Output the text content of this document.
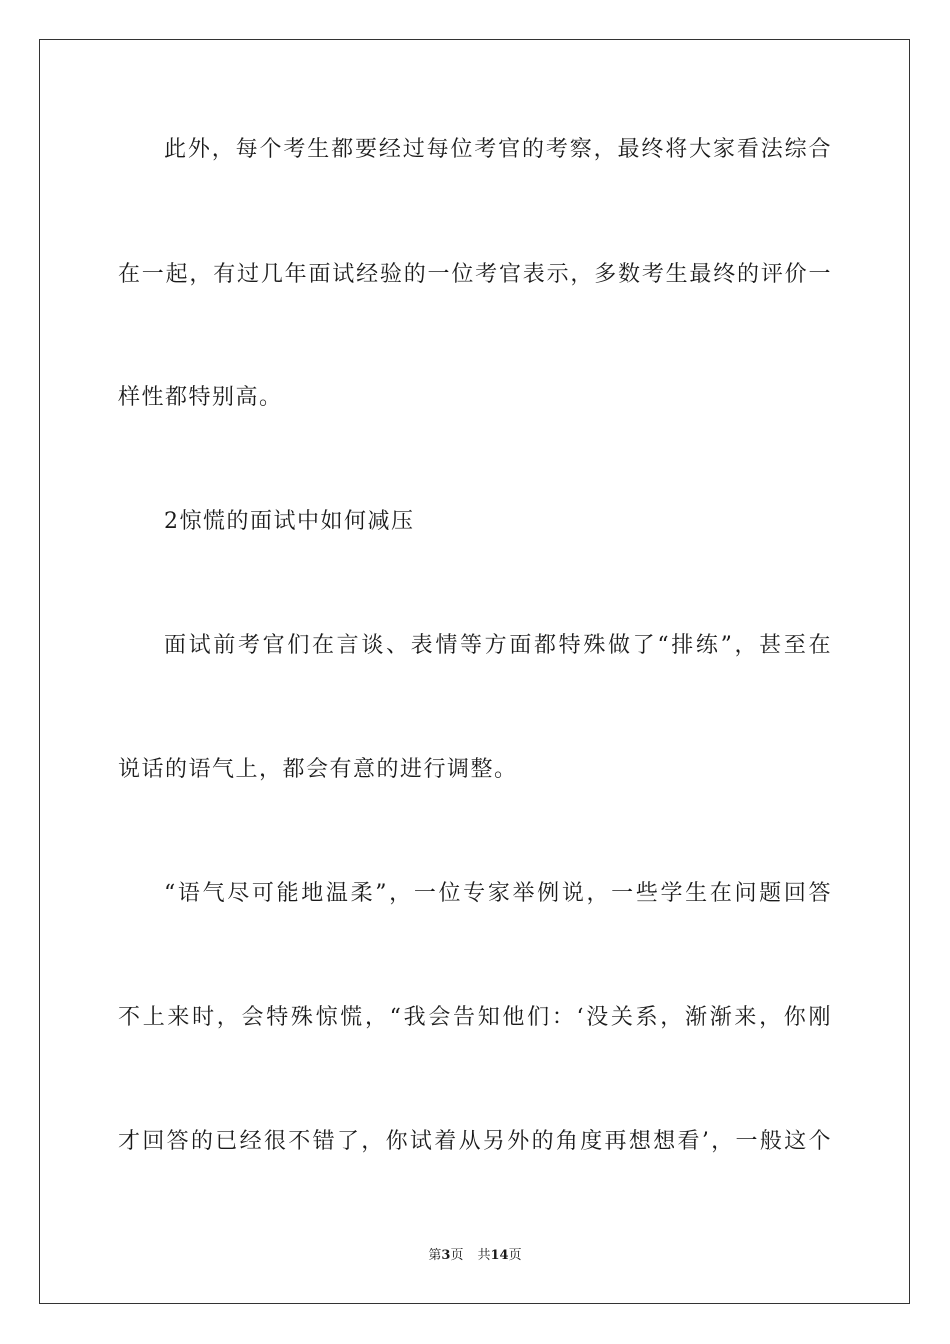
此外，每个考生都要经过每位考官的考察，最终将大家看法综合
在一起，有过几年面试经验的一位考官表示，多数考生最终的评价一
样性都特别高。
2惊慌的面试中如何减压
面试前考官们在言谈、表情等方面都特殊做了“排练”，甚至在
说话的语气上，都会有意的进行调整。
“语气尽可能地温柔”，一位专家举例说，一些学生在问题回答
不上来时，会特殊惊慌，“我会告知他们：‘没关系，渐渐来，你刚
才回答的已经很不错了，你试着从另外的角度再想想看’，一般这个
第3页 共14页
